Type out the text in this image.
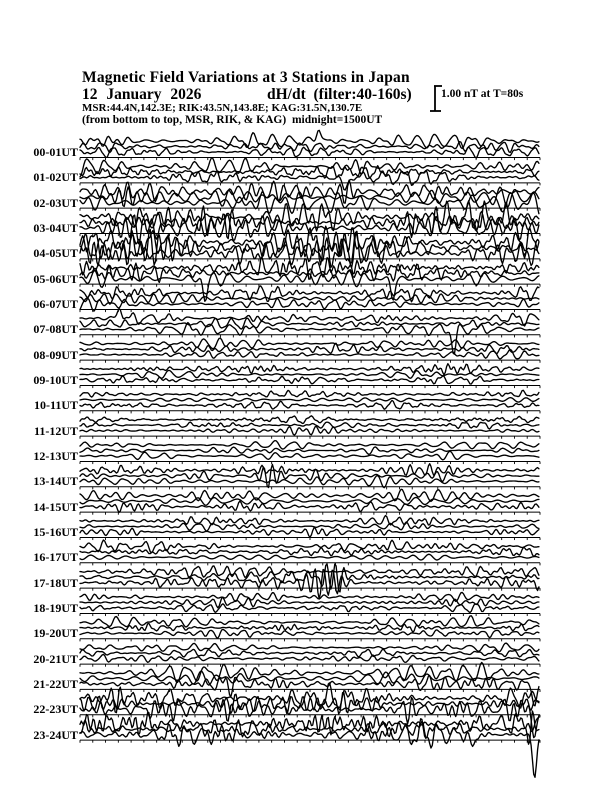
Magnetic Field Variations at 3 Stations in Japan
12 January 2026	dH/dt  (filter:40-160s)
MSR:44.4N,142.3E; RIK:43.5N,143.8E; KAG:31.5N,130.7E
(from bottom to top, MSR, RIK, & KAG)  midnight=1500UT
1.00 nT at T=80s
00-01UT
01-02UT
02-03UT
03-04UT
04-05UT
05-06UT
06-07UT
07-08UT
08-09UT
09-10UT
10-11UT
11-12UT
12-13UT
13-14UT
14-15UT
15-16UT
16-17UT
17-18UT
18-19UT
19-20UT
20-21UT
21-22UT
22-23UT
23-24UT
